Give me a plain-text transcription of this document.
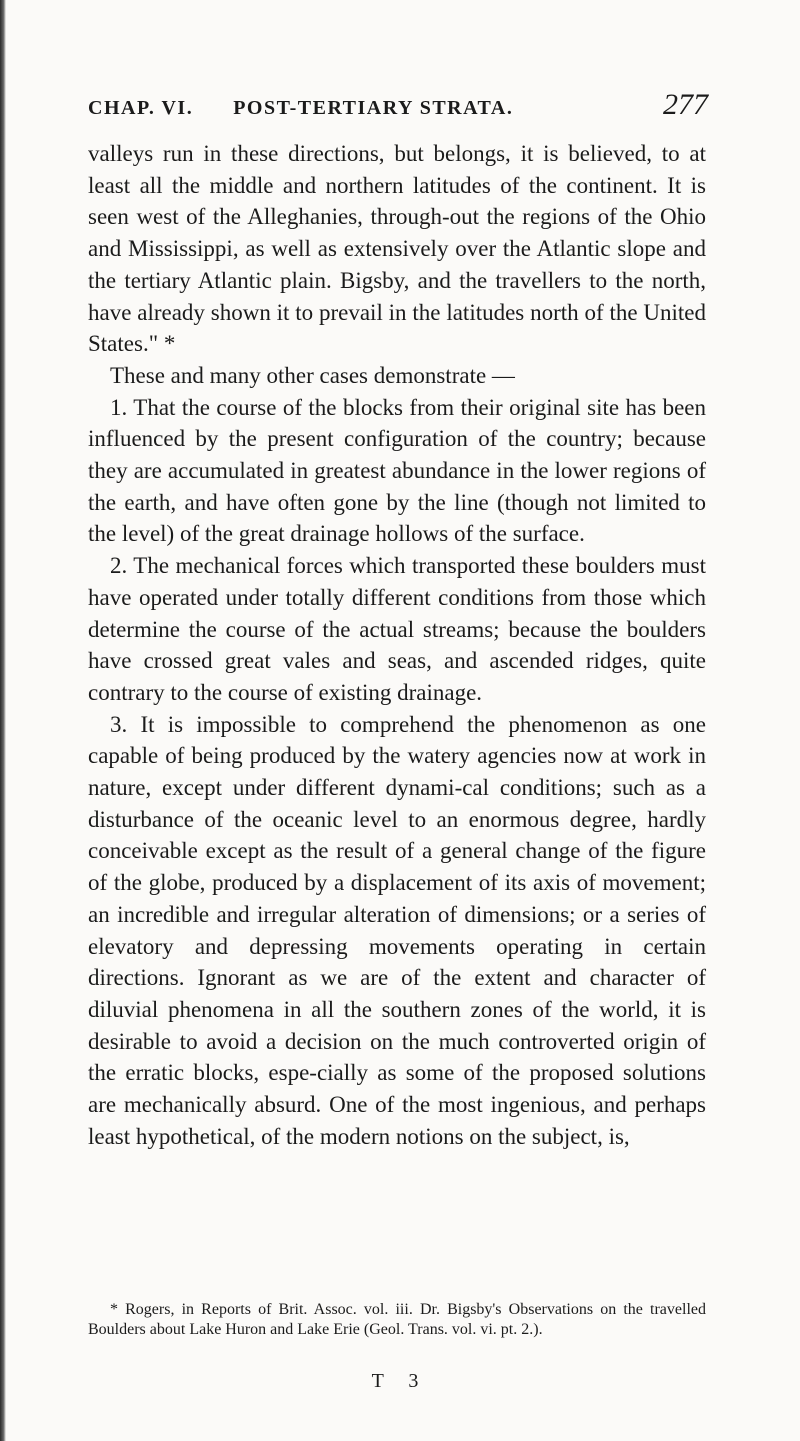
CHAP. VI. POST-TERTIARY STRATA.	277

valleys run in these directions, but belongs, it is believed, to at least all the middle and northern latitudes of the continent. It is seen west of the Alleghanies, through-out the regions of the Ohio and Mississippi, as well as extensively over the Atlantic slope and the tertiary Atlantic plain. Bigsby, and the travellers to the north, have already shown it to prevail in the latitudes north of the United States." *

These and many other cases demonstrate —

1. That the course of the blocks from their original site has been influenced by the present configuration of the country; because they are accumulated in greatest abundance in the lower regions of the earth, and have often gone by the line (though not limited to the level) of the great drainage hollows of the surface.

2. The mechanical forces which transported these boulders must have operated under totally different conditions from those which determine the course of the actual streams; because the boulders have crossed great vales and seas, and ascended ridges, quite contrary to the course of existing drainage.

3. It is impossible to comprehend the phenomenon as one capable of being produced by the watery agencies now at work in nature, except under different dynami-cal conditions; such as a disturbance of the oceanic level to an enormous degree, hardly conceivable except as the result of a general change of the figure of the globe, produced by a displacement of its axis of movement; an incredible and irregular alteration of dimensions; or a series of elevatory and depressing movements operating in certain directions. Ignorant as we are of the extent and character of diluvial phenomena in all the southern zones of the world, it is desirable to avoid a decision on the much controverted origin of the erratic blocks, espe-cially as some of the proposed solutions are mechanically absurd. One of the most ingenious, and perhaps least hypothetical, of the modern notions on the subject, is,

* Rogers, in Reports of Brit. Assoc. vol. iii. Dr. Bigsby's Observations on the travelled Boulders about Lake Huron and Lake Erie (Geol. Trans. vol. vi. pt. 2.).

T 3
